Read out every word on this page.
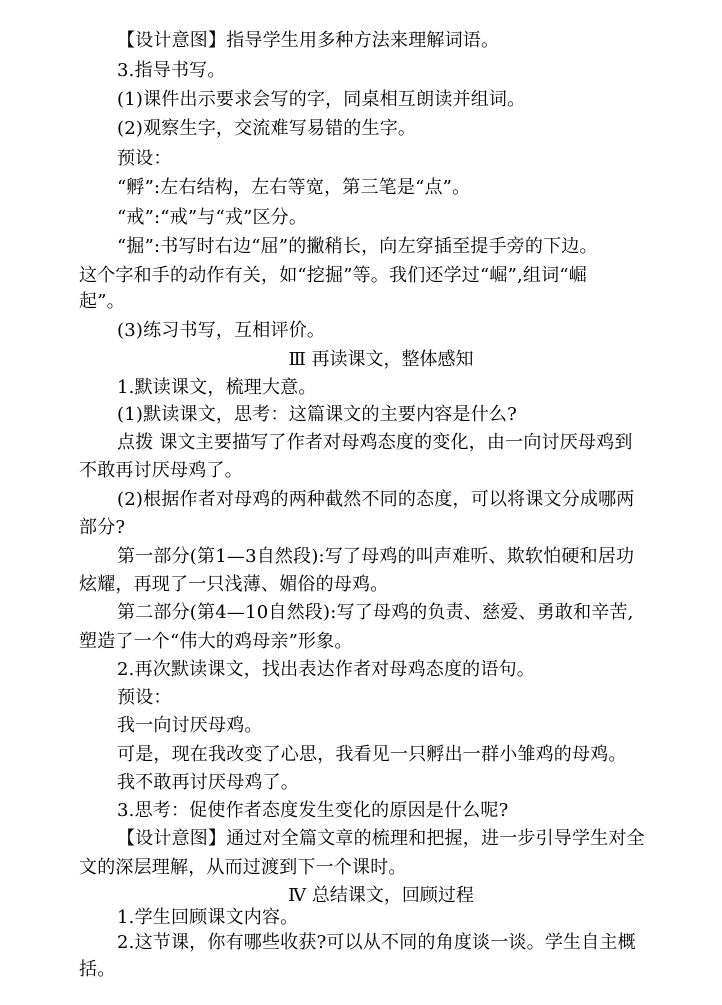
【设计意图】指导学生用多种方法来理解词语。
3.指导书写。
(1)课件出示要求会写的字，同桌相互朗读并组词。
(2)观察生字，交流难写易错的生字。
预设：
“孵”:左右结构，左右等宽，第三笔是“点”。
“戒”:“戒”与“戎”区分。
“掘”:书写时右边“屈”的撇稍长，向左穿插至提手旁的下边。
这个字和手的动作有关，如“挖掘”等。我们还学过“崛”,组词“崛
起”。
(3)练习书写，互相评价。
Ⅲ 再读课文，整体感知
1.默读课文，梳理大意。
(1)默读课文，思考：这篇课文的主要内容是什么?
点拨 课文主要描写了作者对母鸡态度的变化，由一向讨厌母鸡到
不敢再讨厌母鸡了。
(2)根据作者对母鸡的两种截然不同的态度，可以将课文分成哪两
部分?
第一部分(第1—3自然段):写了母鸡的叫声难听、欺软怕硬和居功
炫耀，再现了一只浅薄、媚俗的母鸡。
第二部分(第4—10自然段):写了母鸡的负责、慈爱、勇敢和辛苦,
塑造了一个“伟大的鸡母亲”形象。
2.再次默读课文，找出表达作者对母鸡态度的语句。
预设：
我一向讨厌母鸡。
可是，现在我改变了心思，我看见一只孵出一群小雏鸡的母鸡。
我不敢再讨厌母鸡了。
3.思考：促使作者态度发生变化的原因是什么呢?
【设计意图】通过对全篇文章的梳理和把握，进一步引导学生对全
文的深层理解，从而过渡到下一个课时。
Ⅳ 总结课文，回顾过程
1.学生回顾课文内容。
2.这节课，你有哪些收获?可以从不同的角度谈一谈。学生自主概
括。
